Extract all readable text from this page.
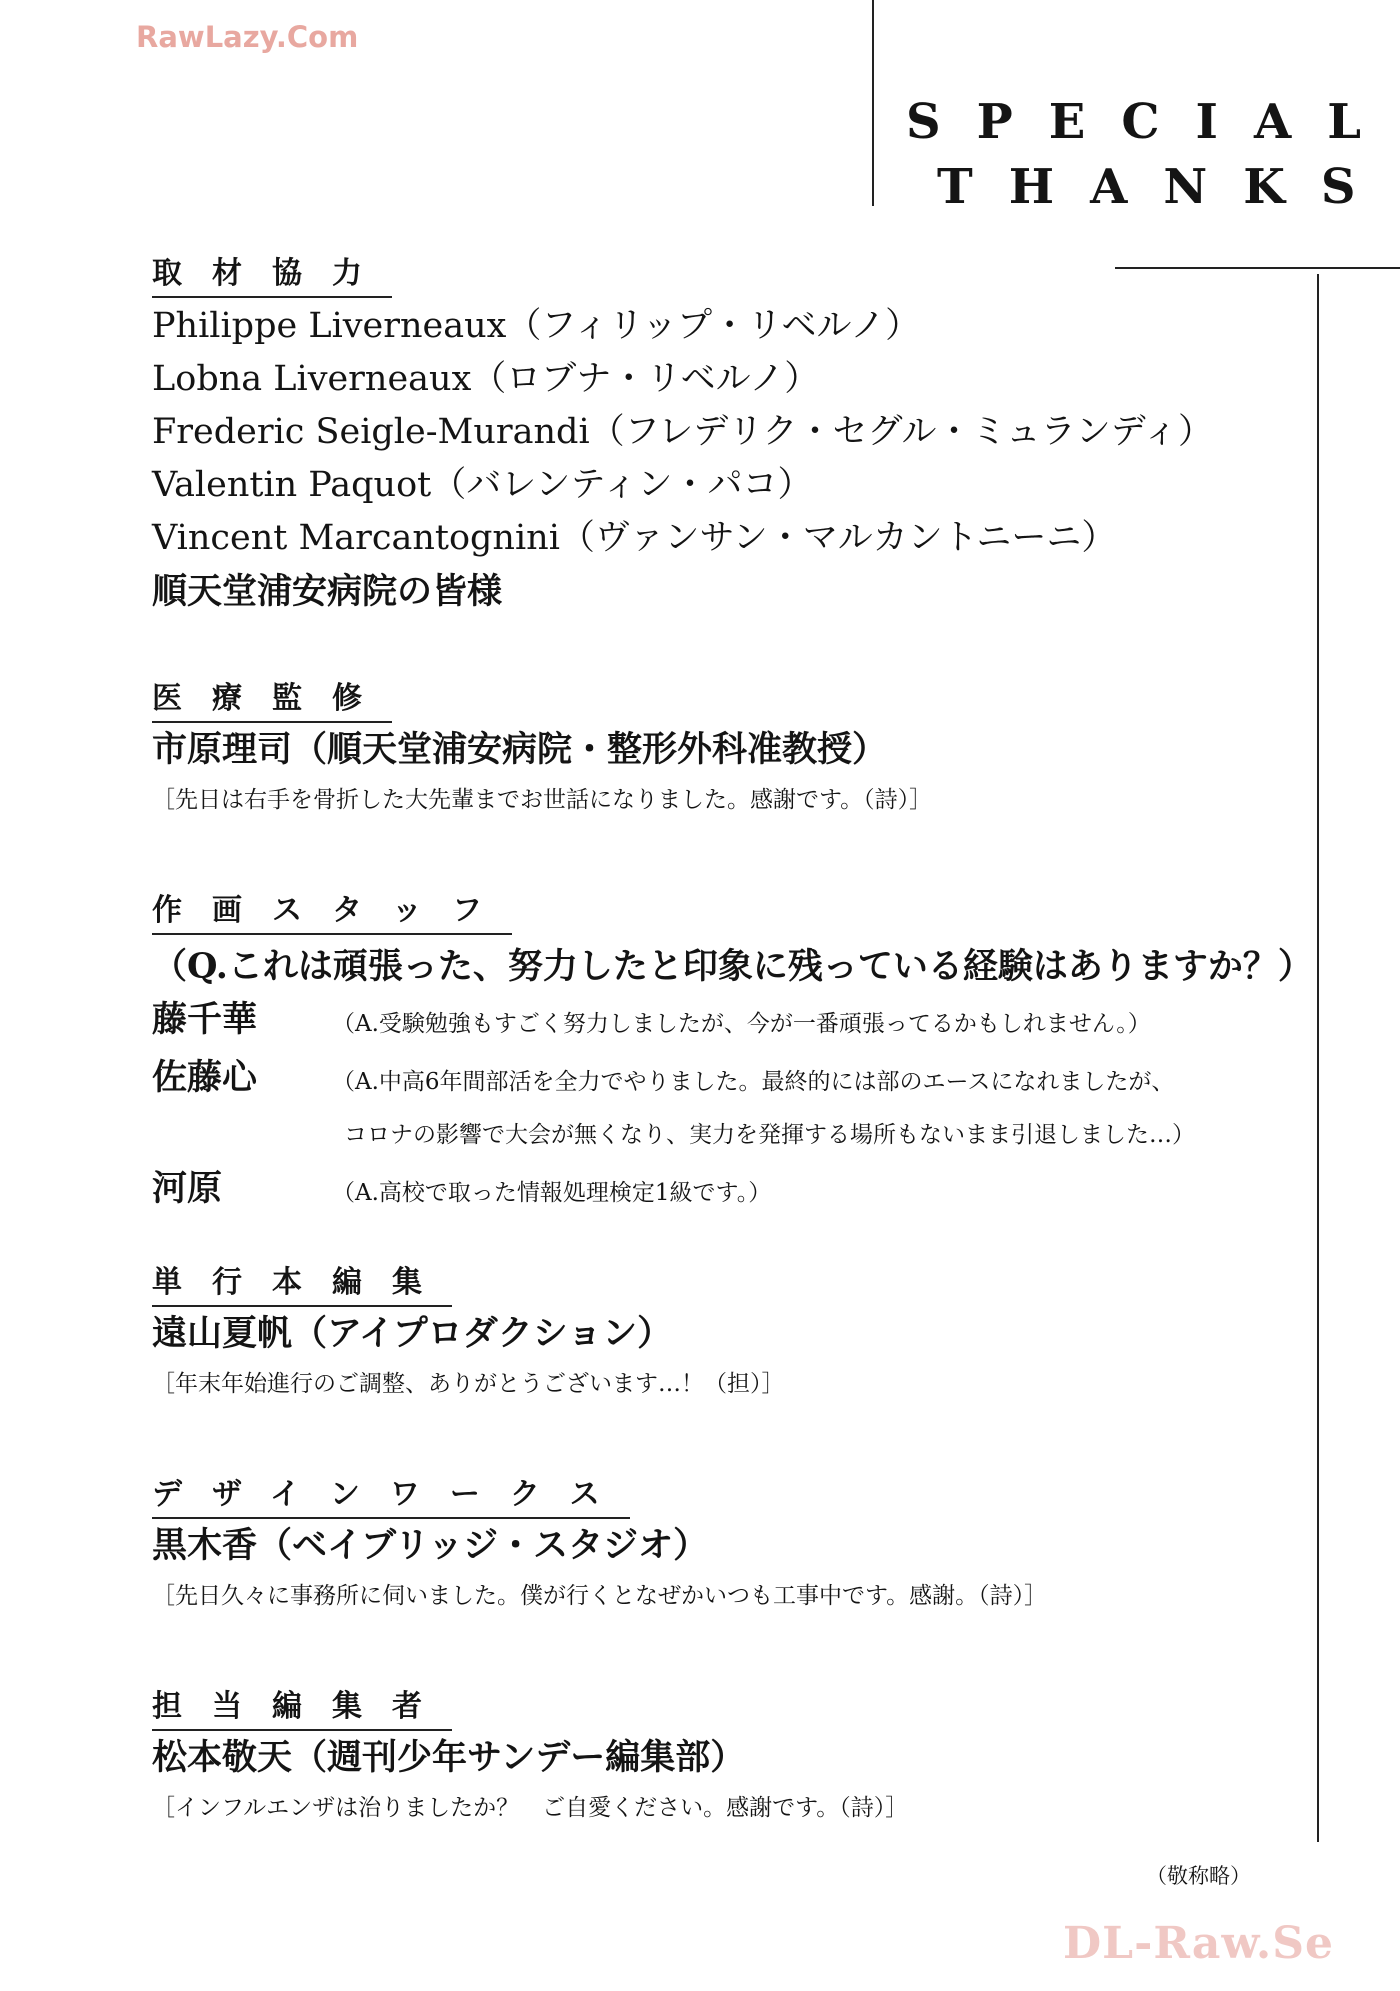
RawLazy.Com
SPECIAL
THANKS
取材協力
Philippe Liverneaux（フィリップ・リベルノ）
Lobna Liverneaux（ロブナ・リベルノ）
Frederic Seigle-Murandi（フレデリク・セグル・ミュランディ）
Valentin Paquot（バレンティン・パコ）
Vincent Marcantognini（ヴァンサン・マルカントニーニ）
順天堂浦安病院の皆様
医療監修
市原理司（順天堂浦安病院・整形外科准教授）
［先日は右手を骨折した大先輩までお世話になりました。感謝です。（詩）］
作画スタッフ
（Q.これは頑張った、努力したと印象に残っている経験はありますか？）
藤千華	（A.受験勉強もすごく努力しましたが、今が一番頑張ってるかもしれません。）
佐藤心	（A.中高6年間部活を全力でやりました。最終的には部のエースになれましたが、
コロナの影響で大会が無くなり、実力を発揮する場所もないまま引退しました…）
河原	（A.高校で取った情報処理検定1級です。）
単行本編集
遠山夏帆（アイプロダクション）
［年末年始進行のご調整、ありがとうございます…！（担）］
デザインワークス
黒木香（ベイブリッジ・スタジオ）
［先日久々に事務所に伺いました。僕が行くとなぜかいつも工事中です。感謝。（詩）］
担当編集者
松本敬天（週刊少年サンデー編集部）
［インフルエンザは治りましたか？　ご自愛ください。感謝です。（詩）］
（敬称略）
DL-Raw.Se
